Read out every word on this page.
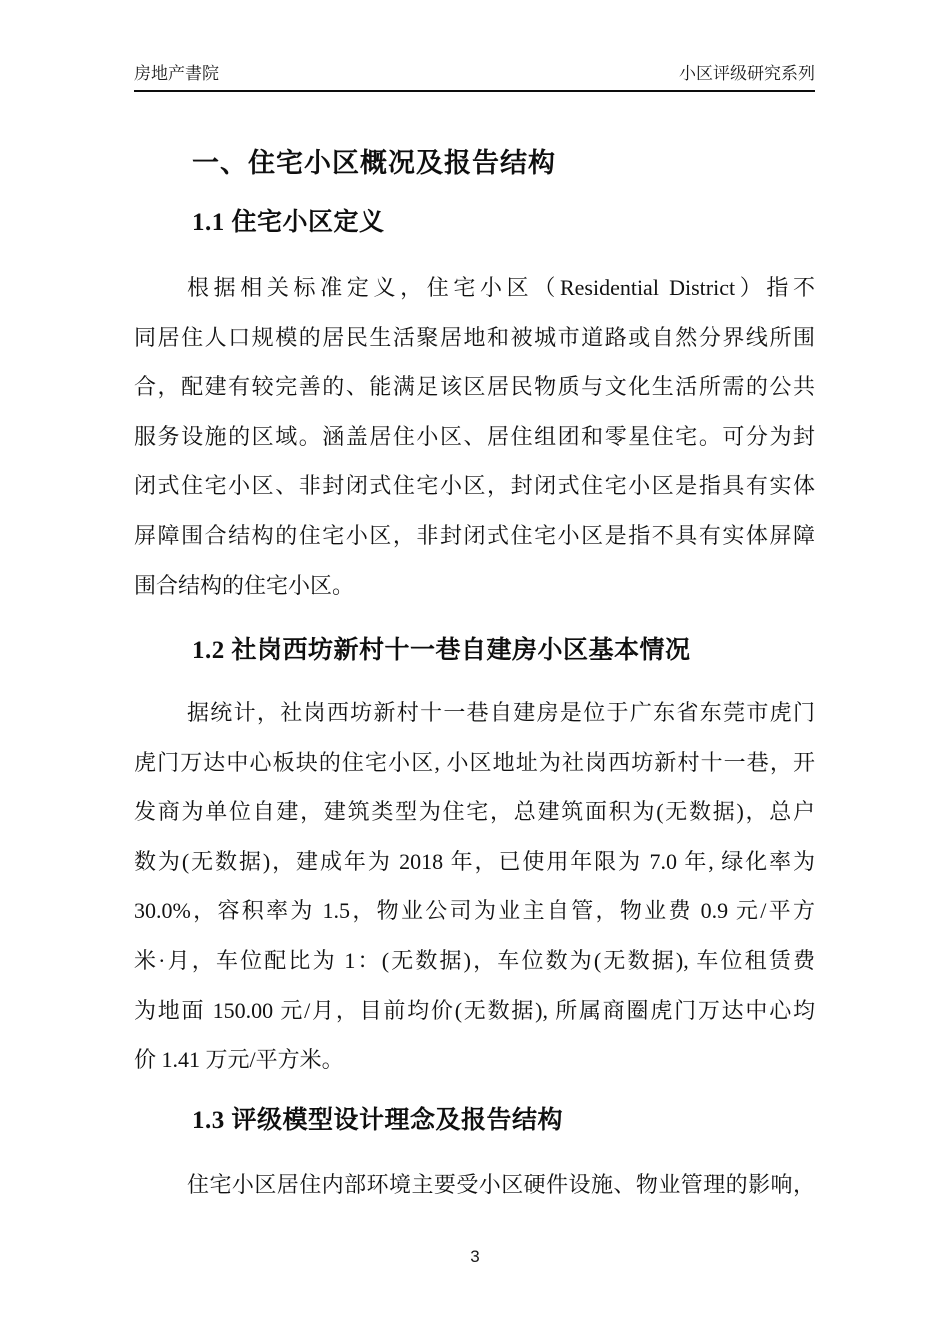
房地产書院	小区评级研究系列
一、住宅小区概况及报告结构
1.1 住宅小区定义
根据相关标准定义，住宅小区（Residential District）指不
同居住人口规模的居民生活聚居地和被城市道路或自然分界线所围
合，配建有较完善的、能满足该区居民物质与文化生活所需的公共
服务设施的区域。涵盖居住小区、居住组团和零星住宅。可分为封
闭式住宅小区、非封闭式住宅小区，封闭式住宅小区是指具有实体
屏障围合结构的住宅小区，非封闭式住宅小区是指不具有实体屏障
围合结构的住宅小区。
1.2 社岗西坊新村十一巷自建房小区基本情况
据统计，社岗西坊新村十一巷自建房是位于广东省东莞市虎门
虎门万达中心板块的住宅小区, 小区地址为社岗西坊新村十一巷，开
发商为单位自建，建筑类型为住宅，总建筑面积为(无数据)，总户
数为(无数据)，建成年为 2018 年，已使用年限为 7.0 年, 绿化率为
30.0%，容积率为 1.5，物业公司为业主自管，物业费 0.9 元/平方
米·月，车位配比为 1：(无数据)，车位数为(无数据), 车位租赁费
为地面 150.00 元/月，目前均价(无数据), 所属商圈虎门万达中心均
价 1.41 万元/平方米。
1.3 评级模型设计理念及报告结构
住宅小区居住内部环境主要受小区硬件设施、物业管理的影响，
3
